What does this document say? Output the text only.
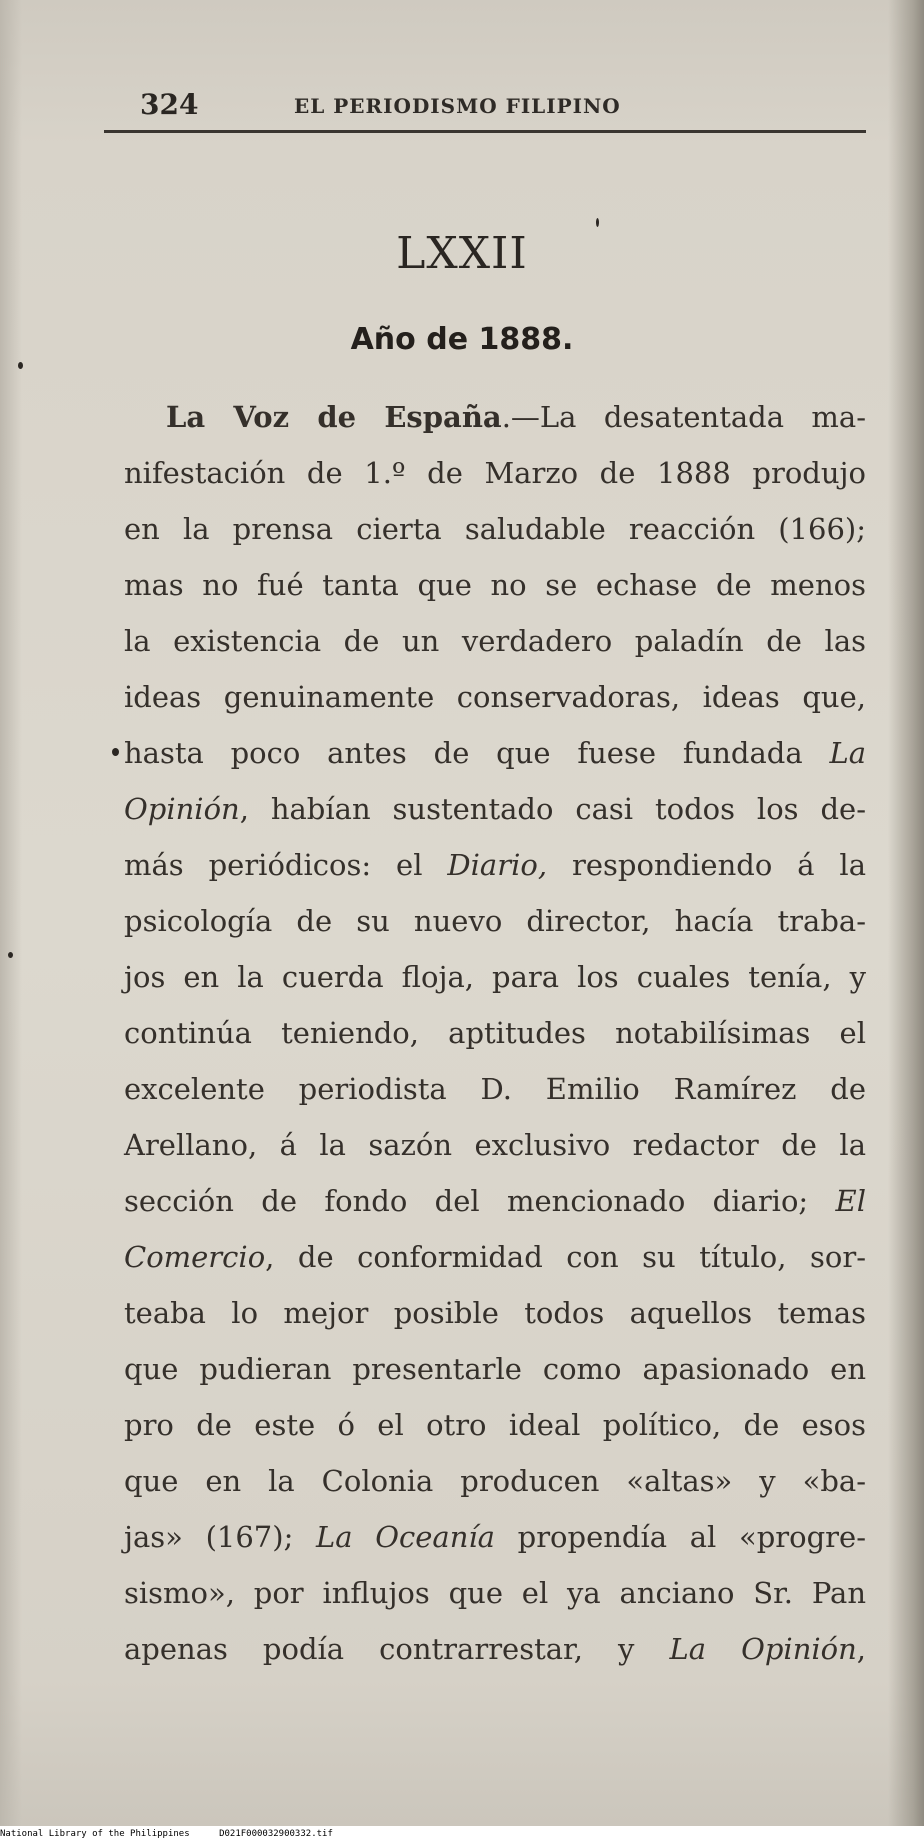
324	EL PERIODISMO FILIPINO
LXXII
Año de 1888.
La Voz de España.—La desatentada ma-
nifestación de 1.º de Marzo de 1888 produjo
en la prensa cierta saludable reacción (166);
mas no fué tanta que no se echase de menos
la existencia de un verdadero paladín de las
ideas genuinamente conservadoras, ideas que,
hasta poco antes de que fuese fundada La
Opinión, habían sustentado casi todos los de-
más periódicos: el Diario, respondiendo á la
psicología de su nuevo director, hacía traba-
jos en la cuerda floja, para los cuales tenía, y
continúa teniendo, aptitudes notabilísimas el
excelente periodista D. Emilio Ramírez de
Arellano, á la sazón exclusivo redactor de la
sección de fondo del mencionado diario; El
Comercio, de conformidad con su título, sor-
teaba lo mejor posible todos aquellos temas
que pudieran presentarle como apasionado en
pro de este ó el otro ideal político, de esos
que en la Colonia producen «altas» y «ba-
jas» (167); La Oceanía propendía al «progre-
sismo», por influjos que el ya anciano Sr. Pan
apenas podía contrarrestar, y La Opinión,
National Library of the Philippines	D021F000032900332.tif
